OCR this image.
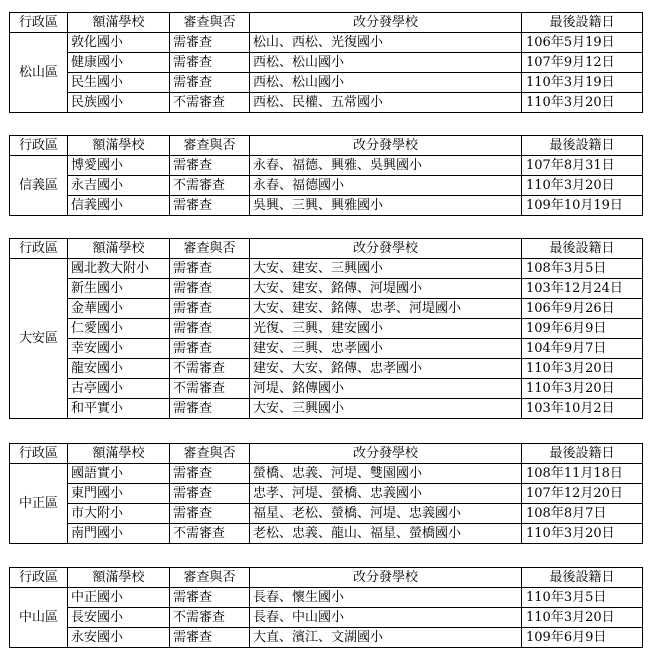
行政區	額滿學校	審查與否	改分發學校	最後設籍日
松山區	敦化國小	需審查	松山、西松、光復國小	106年5月19日
	健康國小	需審查	西松、松山國小	107年9月12日
	民生國小	需審查	西松、松山國小	110年3月19日
	民族國小	不需審查	西松、民權、五常國小	110年3月20日
行政區	額滿學校	審查與否	改分發學校	最後設籍日
信義區	博愛國小	需審查	永春、福德、興雅、吳興國小	107年8月31日
	永吉國小	不需審查	永春、福德國小	110年3月20日
	信義國小	需審查	吳興、三興、興雅國小	109年10月19日
行政區	額滿學校	審查與否	改分發學校	最後設籍日
大安區	國北教大附小	需審查	大安、建安、三興國小	108年3月5日
	新生國小	需審查	大安、建安、銘傳、河堤國小	103年12月24日
	金華國小	需審查	大安、建安、銘傳、忠孝、河堤國小	106年9月26日
	仁愛國小	需審查	光復、三興、建安國小	109年6月9日
	幸安國小	需審查	建安、三興、忠孝國小	104年9月7日
	龍安國小	不需審查	建安、大安、銘傳、忠孝國小	110年3月20日
	古亭國小	不需審查	河堤、銘傳國小	110年3月20日
	和平實小	需審查	大安、三興國小	103年10月2日
行政區	額滿學校	審查與否	改分發學校	最後設籍日
中正區	國語實小	需審查	螢橋、忠義、河堤、雙園國小	108年11月18日
	東門國小	需審查	忠孝、河堤、螢橋、忠義國小	107年12月20日
	市大附小	需審查	福星、老松、螢橋、河堤、忠義國小	108年8月7日
	南門國小	不需審查	老松、忠義、龍山、福星、螢橋國小	110年3月20日
行政區	額滿學校	審查與否	改分發學校	最後設籍日
中山區	中正國小	需審查	長春、懷生國小	110年3月5日
	長安國小	不需審查	長春、中山國小	110年3月20日
	永安國小	需審查	大直、濱江、文湖國小	109年6月9日
